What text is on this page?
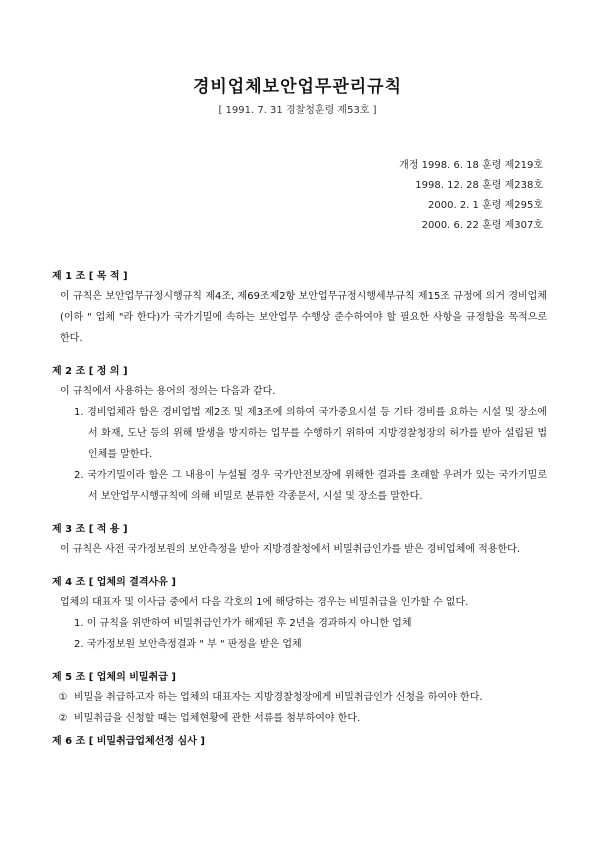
경비업체보안업무관리규칙
[ 1991. 7. 31 경찰청훈령 제53호 ]
개정 1998. 6. 18 훈령 제219호
1998. 12. 28 훈령 제238호
2000. 2. 1 훈령 제295호
2000. 6. 22 훈령 제307호
제 1 조 [ 목 적 ]
이 규칙은 보안업무규정시행규칙 제4조, 제69조제2항 보안업무규정시행세부규칙 제15조 규정에 의거 경비업체(이하 " 업체 "라 한다)가 국가기밀에 속하는 보안업무 수행상 준수하여야 할 필요한 사항을 규정함을 목적으로 한다.
제 2 조 [ 정 의 ]
이 규칙에서 사용하는 용어의 정의는 다음과 같다.
1. 경비업체라 함은 경비업법 제2조 및 제3조에 의하여 국가중요시설 등 기타 경비를 요하는 시설 및 장소에서 화재, 도난 등의 위해 발생을 방지하는 업무를 수행하기 위하여 지방경찰청장의 허가를 받아 설립된 법인체를 말한다.
2. 국가기밀이라 함은 그 내용이 누설될 경우 국가안전보장에 위해한 결과를 초래할 우려가 있는 국가기밀로서 보안업무시행규칙에 의해 비밀로 분류한 각종문서, 시설 및 장소를 말한다.
제 3 조 [ 적 용 ]
이 규칙은 사전 국가정보원의 보안측정을 받아 지방경찰청에서 비밀취급인가를 받은 경비업체에 적용한다.
제 4 조 [ 업체의 결격사유 ]
업체의 대표자 및 이사급 중에서 다음 각호의 1에 해당하는 경우는 비밀취급을 인가할 수 없다.
1. 이 규칙을 위반하여 비밀취급인가가 해제된 후 2년을 경과하지 아니한 업체
2. 국가정보원 보안측정결과 " 부 " 판정을 받은 업체
제 5 조 [ 업체의 비밀취급 ]
① 비밀을 취급하고자 하는 업체의 대표자는 지방경찰청장에게 비밀취급인가 신청을 하여야 한다.
② 비밀취급을 신청할 때는 업체현황에 관한 서류를 첨부하여야 한다.
제 6 조 [ 비밀취급업체선정 심사 ]
